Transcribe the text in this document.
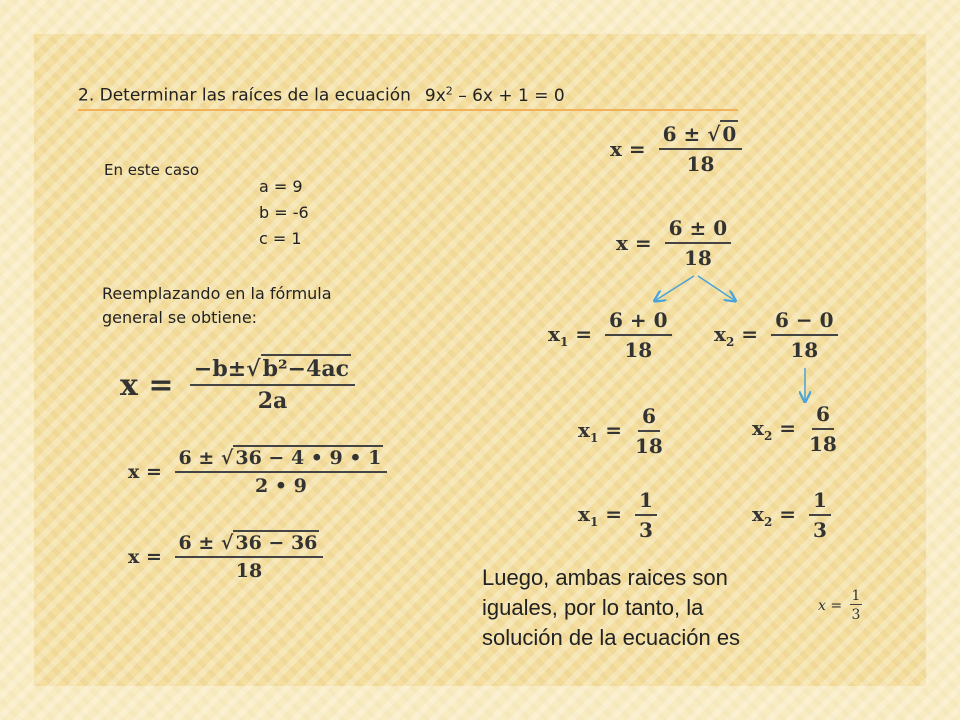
2. Determinar las raíces de la ecuación $9x^2 - 6x + 1 = 0$
En este caso
a = 9
b = -6
c = 1
Reemplazando en la fórmula
general se obtiene:
$x = \frac{\text{−b±√b²−4ac}}{2a}$
$x = \frac{6 \pm √ 36 - 4 • 9 • 1}{2 • 9}$
$x = \frac{6 \pm √ 36 - 36}{18}$
$x = \frac{6 \pm √ 0}{18}$
$x = \frac{6 \pm 0}{18}$
$x_1 = \frac{6 + 0}{18} x_2 = \frac{6 - 0}{18}$
$x_1 = \frac{6}{18}$	$x_2 = \frac{6}{18}$
$x_1 = \frac{1}{3}$	$x_2 = \frac{1}{3}$
Luego, ambas raices son
iguales, por lo tanto, la
solución de la ecuación es
$x = \frac{1}{3}$
